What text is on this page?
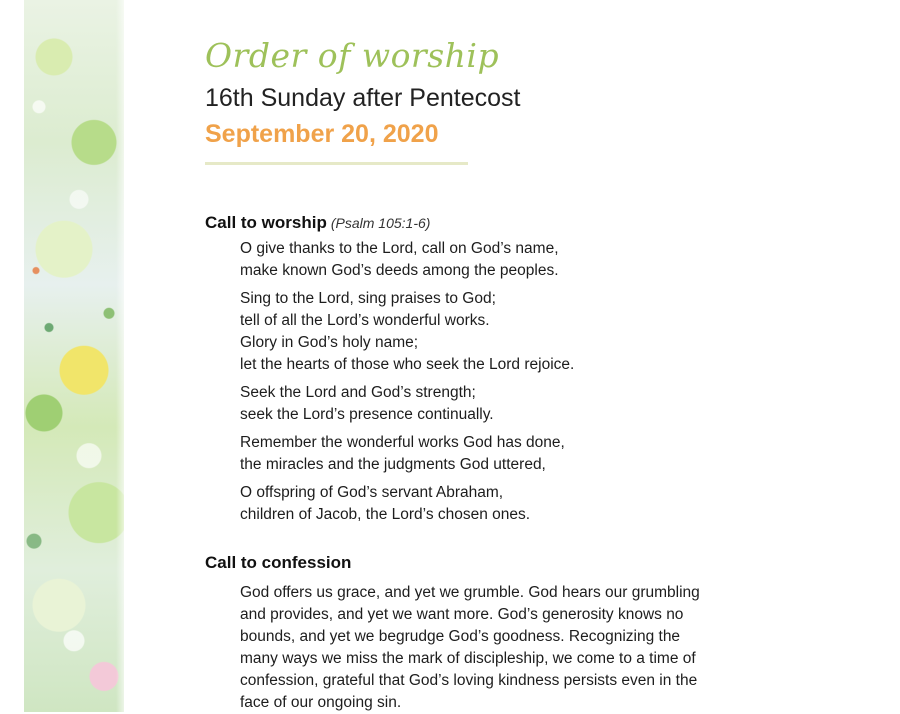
Order of worship
16th Sunday after Pentecost
September 20, 2020
Call to worship (Psalm 105:1-6)
O give thanks to the Lord, call on God’s name,
make known God’s deeds among the peoples.
Sing to the Lord, sing praises to God;
tell of all the Lord’s wonderful works.
Glory in God’s holy name;
let the hearts of those who seek the Lord rejoice.
Seek the Lord and God’s strength;
seek the Lord’s presence continually.
Remember the wonderful works God has done,
the miracles and the judgments God uttered,
O offspring of God’s servant Abraham,
children of Jacob, the Lord’s chosen ones.
Call to confession
God offers us grace, and yet we grumble. God hears our grumbling and provides, and yet we want more. God’s generosity knows no bounds, and yet we begrudge God’s goodness. Recognizing the many ways we miss the mark of discipleship, we come to a time of confession, grateful that God’s loving kindness persists even in the face of our ongoing sin.
